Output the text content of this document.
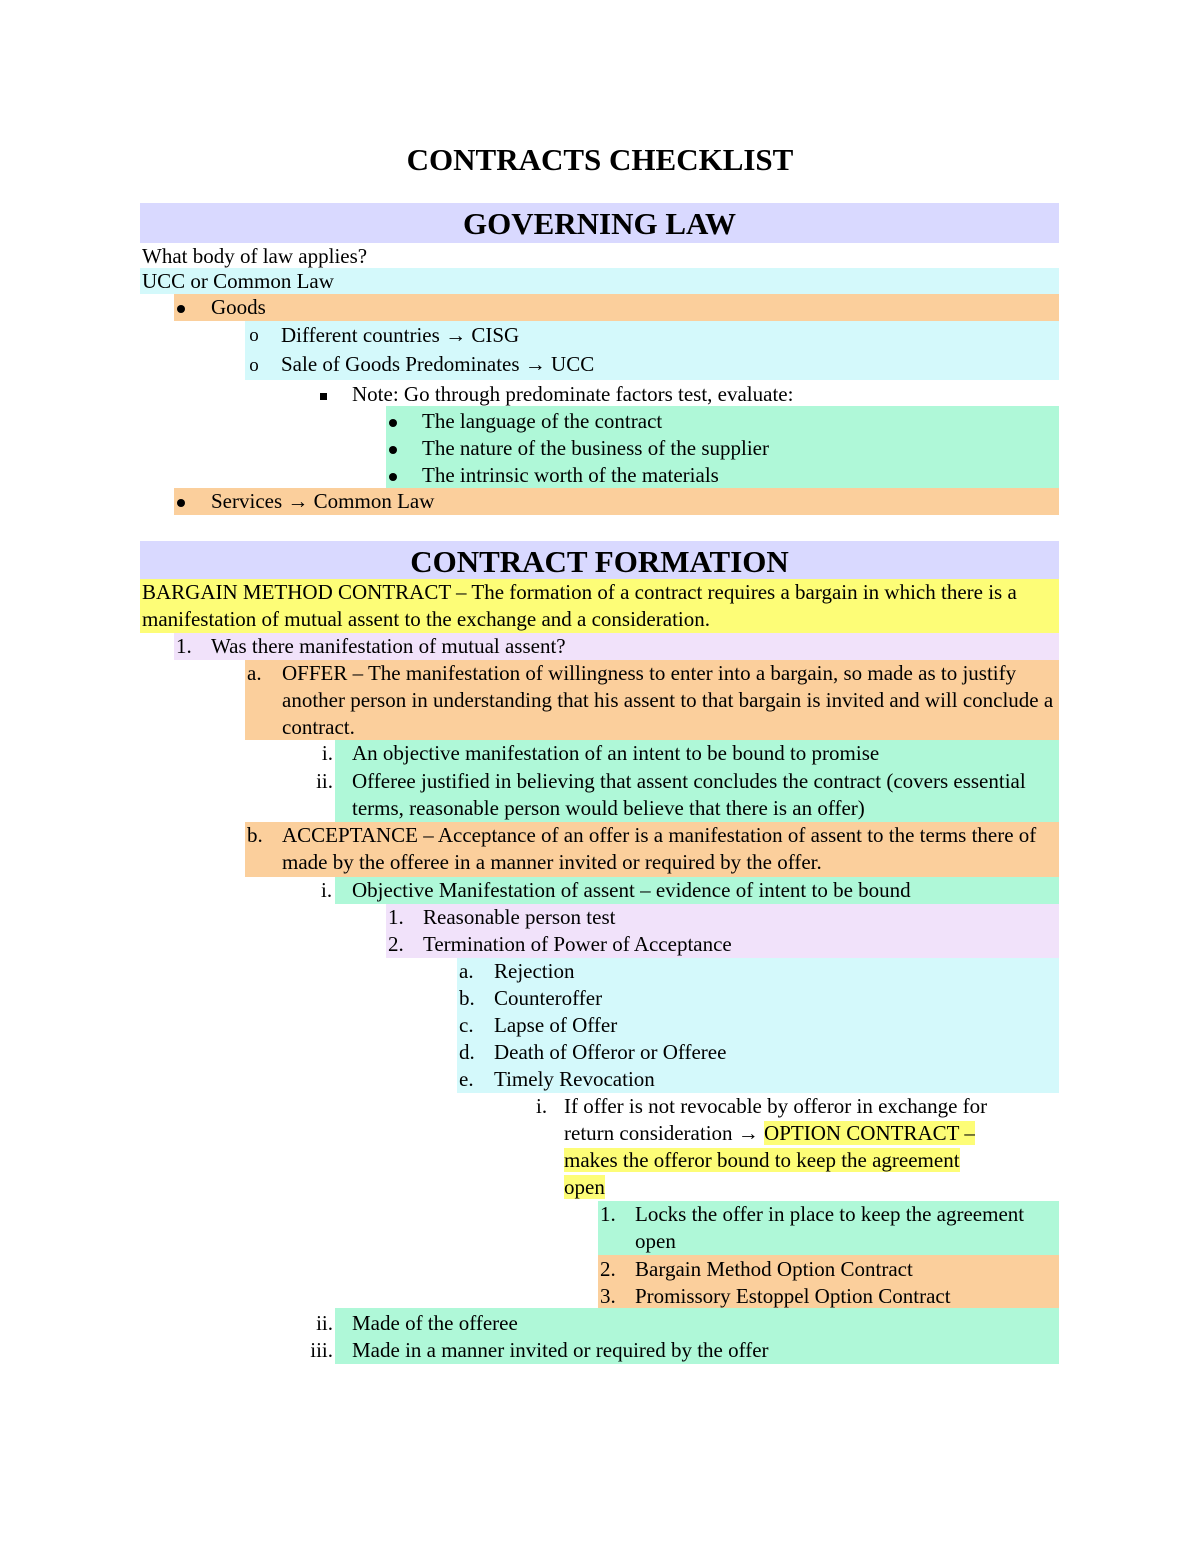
CONTRACTS CHECKLIST
GOVERNING LAW
What body of law applies?
UCC or Common Law
Goods
o Different countries → CISG
o Sale of Goods Predominates → UCC
Note: Go through predominate factors test, evaluate:
The language of the contract
The nature of the business of the supplier
The intrinsic worth of the materials
Services → Common Law
CONTRACT FORMATION
BARGAIN METHOD CONTRACT – The formation of a contract requires a bargain in which there is a manifestation of mutual assent to the exchange and a consideration.
1. Was there manifestation of mutual assent?
a. OFFER – The manifestation of willingness to enter into a bargain, so made as to justify another person in understanding that his assent to that bargain is invited and will conclude a contract.
i. An objective manifestation of an intent to be bound to promise
ii. Offeree justified in believing that assent concludes the contract (covers essential terms, reasonable person would believe that there is an offer)
b. ACCEPTANCE – Acceptance of an offer is a manifestation of assent to the terms there of made by the offeree in a manner invited or required by the offer.
i. Objective Manifestation of assent – evidence of intent to be bound
1. Reasonable person test
2. Termination of Power of Acceptance
a. Rejection
b. Counteroffer
c. Lapse of Offer
d. Death of Offeror or Offeree
e. Timely Revocation
i. If offer is not revocable by offeror in exchange for
return consideration → OPTION CONTRACT –
makes the offeror bound to keep the agreement
open
1. Locks the offer in place to keep the agreement open
2. Bargain Method Option Contract
3. Promissory Estoppel Option Contract
ii. Made of the offeree
iii. Made in a manner invited or required by the offer
